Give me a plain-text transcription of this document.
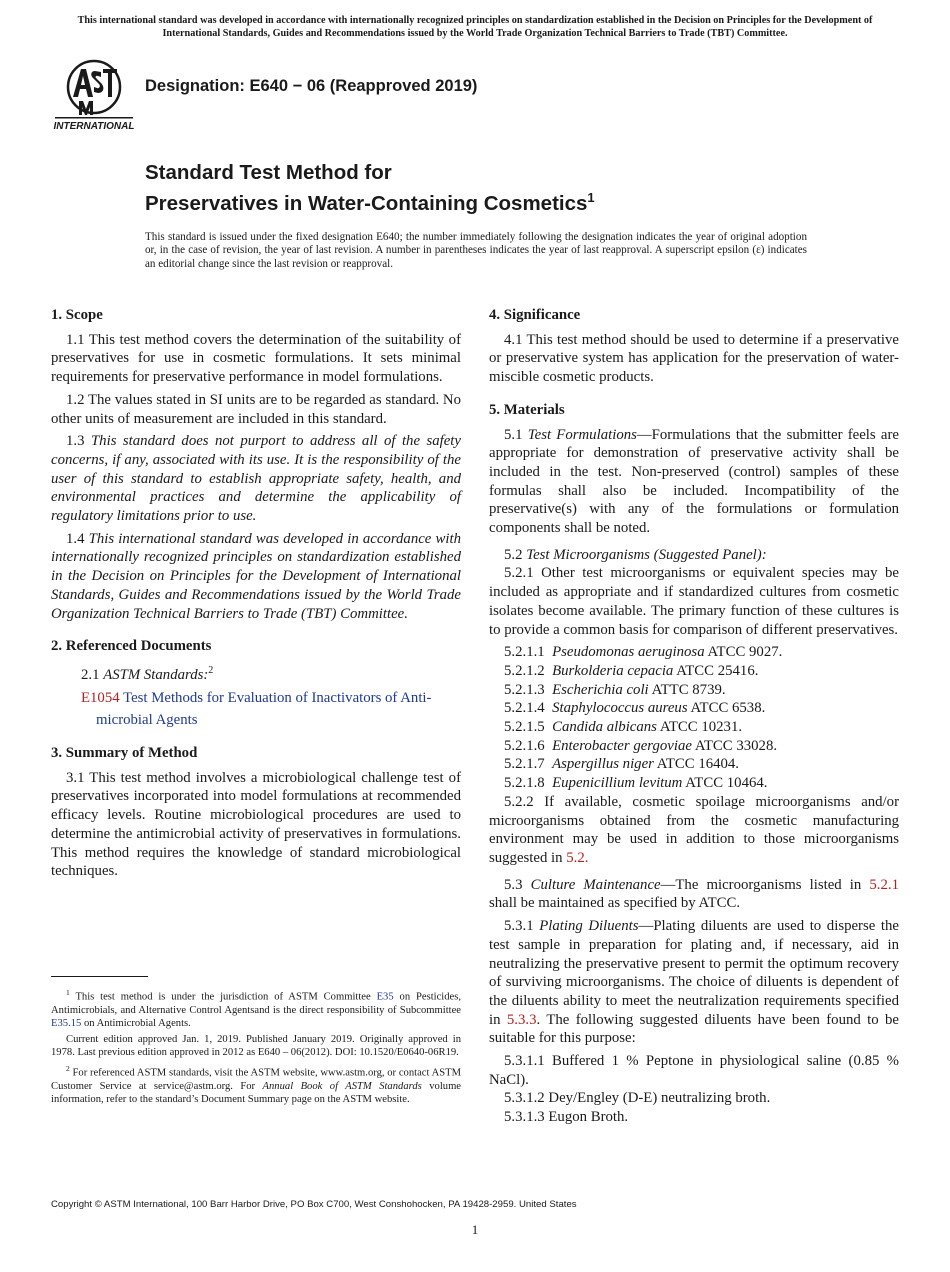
This international standard was developed in accordance with internationally recognized principles on standardization established in the Decision on Principles for the Development of International Standards, Guides and Recommendations issued by the World Trade Organization Technical Barriers to Trade (TBT) Committee.
INTERNATIONAL
Designation: E640 − 06 (Reapproved 2019)
Standard Test Method for
Preservatives in Water-Containing Cosmetics$^1$
This standard is issued under the fixed designation E640; the number immediately following the designation indicates the year of original adoption or, in the case of revision, the year of last revision. A number in parentheses indicates the year of last reapproval. A superscript epsilon (ε) indicates an editorial change since the last revision or reapproval.
1. Scope

1.1 This test method covers the determination of the suitability of preservatives for use in cosmetic formulations. It sets minimal requirements for preservative performance in model formulations.

1.2 The values stated in SI units are to be regarded as standard. No other units of measurement are included in this standard.

1.3 This standard does not purport to address all of the safety concerns, if any, associated with its use. It is the responsibility of the user of this standard to establish appropriate safety, health, and environmental practices and determine the applicability of regulatory limitations prior to use.

1.4 This international standard was developed in accordance with internationally recognized principles on standardization established in the Decision on Principles for the Development of International Standards, Guides and Recommendations issued by the World Trade Organization Technical Barriers to Trade (TBT) Committee.

2. Referenced Documents

2.1 ASTM Standards:$^2$

E1054 Test Methods for Evaluation of Inactivators of Anti-

microbial Agents

3. Summary of Method

3.1 This test method involves a microbiological challenge test of preservatives incorporated into model formulations at recommended efficacy levels. Routine microbiological procedures are used to determine the antimicrobial activity of preservatives in formulations. This method requires the knowledge of standard microbiological techniques.

4. Significance

4.1 This test method should be used to determine if a preservative or preservative system has application for the preservation of water-miscible cosmetic products.

5. Materials

5.1 Test Formulations—Formulations that the submitter feels are appropriate for demonstration of preservative activity shall be included in the test. Non-preserved (control) samples of these formulas shall also be included. Incompatibility of the preservative(s) with any of the formulations or formulation components shall be noted.

5.2 Test Microorganisms (Suggested Panel):

5.2.1 Other test microorganisms or equivalent species may be included as appropriate and if standardized cultures from cosmetic isolates become available. The primary function of these cultures is to provide a common basis for comparison of different preservatives.

5.2.1.1 Pseudomonas aeruginosa ATCC 9027.

5.2.1.2 Burkolderia cepacia ATCC 25416.

5.2.1.3 Escherichia coli ATTC 8739.

5.2.1.4 Staphylococcus aureus ATCC 6538.

5.2.1.5 Candida albicans ATCC 10231.

5.2.1.6 Enterobacter gergoviae ATCC 33028.

5.2.1.7 Aspergillus niger ATCC 16404.

5.2.1.8 Eupenicillium levitum ATCC 10464.

5.2.2 If available, cosmetic spoilage microorganisms and/or microorganisms obtained from the cosmetic manufacturing environment may be used in addition to those microorganisms suggested in 5.2.

5.3 Culture Maintenance—The microorganisms listed in 5.2.1 shall be maintained as specified by ATCC.

5.3.1 Plating Diluents—Plating diluents are used to disperse the test sample in preparation for plating and, if necessary, aid in neutralizing the preservative present to permit the optimum recovery of surviving microorganisms. The choice of diluents is dependent of the diluents ability to meet the neutralization requirements specified in 5.3.3. The following suggested diluents have been found to be suitable for this purpose:

5.3.1.1 Buffered 1 % Peptone in physiological saline (0.85 % NaCl).

5.3.1.2 Dey/Engley (D-E) neutralizing broth.

5.3.1.3 Eugon Broth.

$^1$ This test method is under the jurisdiction of ASTM Committee E35 on Pesticides, Antimicrobials, and Alternative Control Agentsand is the direct responsibility of Subcommittee E35.15 on Antimicrobial Agents.

Current edition approved Jan. 1, 2019. Published January 2019. Originally approved in 1978. Last previous edition approved in 2012 as E640 – 06(2012). DOI: 10.1520/E0640-06R19.

$^2$ For referenced ASTM standards, visit the ASTM website, www.astm.org, or contact ASTM Customer Service at service@astm.org. For Annual Book of ASTM Standards volume information, refer to the standard’s Document Summary page on the ASTM website.

Copyright © ASTM International, 100 Barr Harbor Drive, PO Box C700, West Conshohocken, PA 19428-2959. United States
1
